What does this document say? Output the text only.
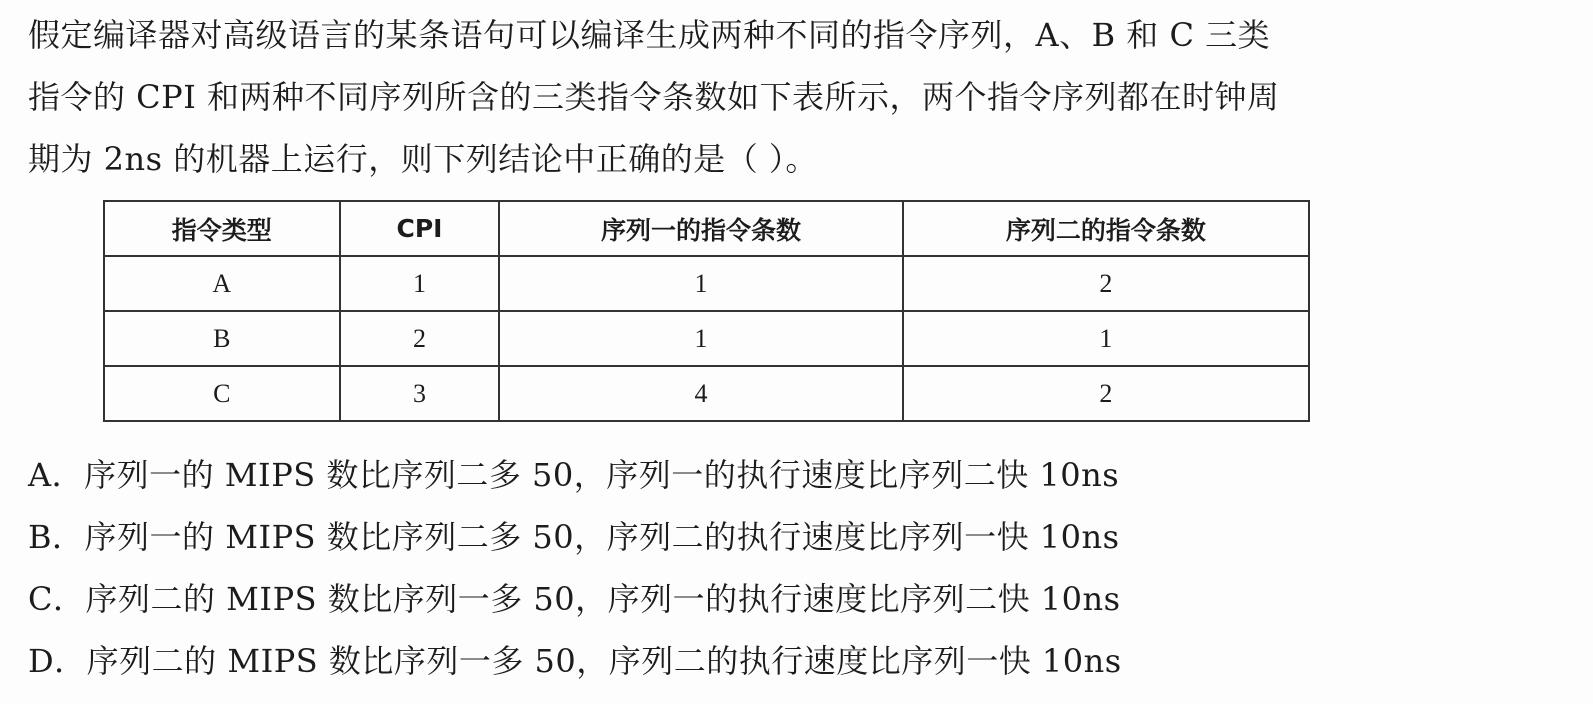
假定编译器对高级语言的某条语句可以编译生成两种不同的指令序列，A、B 和 C 三类
指令的 CPI 和两种不同序列所含的三类指令条数如下表所示，两个指令序列都在时钟周
期为 2ns 的机器上运行，则下列结论中正确的是（ ）。
指令类型	CPI	序列一的指令条数	序列二的指令条数
A	1	1	2
B	2	1	1
C	3	4	2
A．序列一的 MIPS 数比序列二多 50，序列一的执行速度比序列二快 10ns
B．序列一的 MIPS 数比序列二多 50，序列二的执行速度比序列一快 10ns
C．序列二的 MIPS 数比序列一多 50，序列一的执行速度比序列二快 10ns
D．序列二的 MIPS 数比序列一多 50，序列二的执行速度比序列一快 10ns
